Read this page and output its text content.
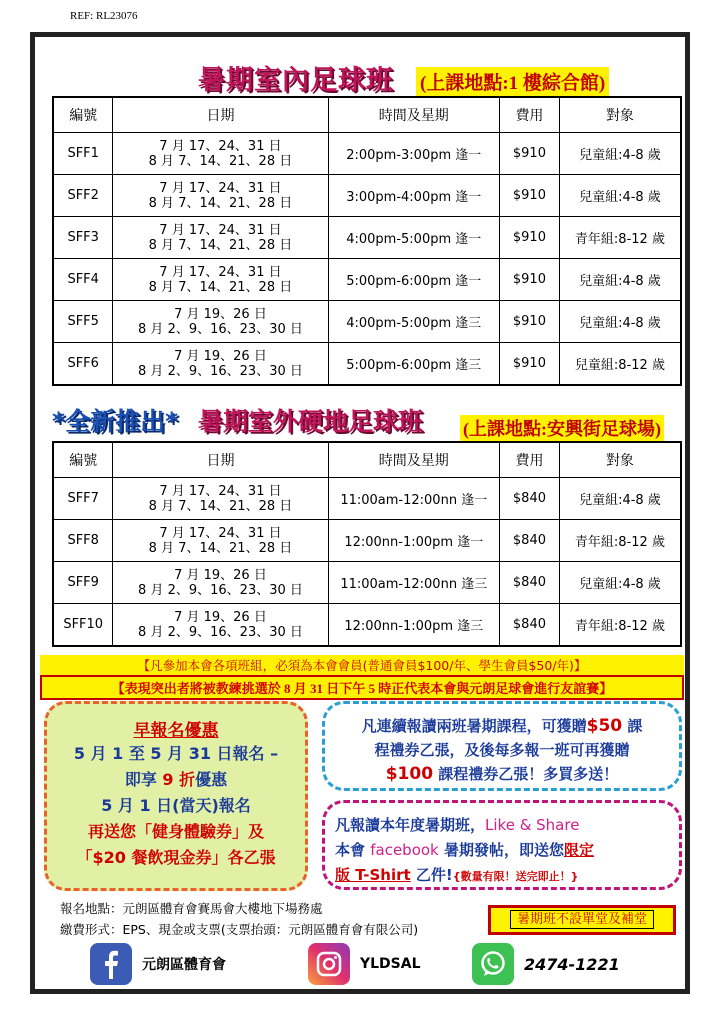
REF: RL23076
暑期室內足球班 (上課地點:1 樓綜合館)
編號	日期	時間及星期	費用	對象
SFF1	7 月 17、24、31 日
8 月 7、14、21、28 日	2:00pm-3:00pm 逢一	$910	兒童組:4-8 歲
SFF2	7 月 17、24、31 日
8 月 7、14、21、28 日	3:00pm-4:00pm 逢一	$910	兒童組:4-8 歲
SFF3	7 月 17、24、31 日
8 月 7、14、21、28 日	4:00pm-5:00pm 逢一	$910	青年組:8-12 歲
SFF4	7 月 17、24、31 日
8 月 7、14、21、28 日	5:00pm-6:00pm 逢一	$910	兒童組:4-8 歲
SFF5	7 月 19、26 日
8 月 2、9、16、23、30 日	4:00pm-5:00pm 逢三	$910	兒童組:4-8 歲
SFF6	7 月 19、26 日
8 月 2、9、16、23、30 日	5:00pm-6:00pm 逢三	$910	兒童組:8-12 歲
*全新推出* 暑期室外硬地足球班 (上課地點:安興街足球場)
編號	日期	時間及星期	費用	對象
SFF7	7 月 17、24、31 日
8 月 7、14、21、28 日	11:00am-12:00nn 逢一	$840	兒童組:4-8 歲
SFF8	7 月 17、24、31 日
8 月 7、14、21、28 日	12:00nn-1:00pm 逢一	$840	青年組:8-12 歲
SFF9	7 月 19、26 日
8 月 2、9、16、23、30 日	11:00am-12:00nn 逢三	$840	兒童組:4-8 歲
SFF10	7 月 19、26 日
8 月 2、9、16、23、30 日	12:00nn-1:00pm 逢三	$840	青年組:8-12 歲
【凡參加本會各項班組，必須為本會會員(普通會員$100/年、學生會員$50/年)】
【表現突出者將被教練挑選於 8 月 31 日下午 5 時正代表本會與元朗足球會進行友誼賽】
早報名優惠
5 月 1 至 5 月 31 日報名 –
即享 9 折優惠
5 月 1 日(當天)報名
再送您「健身體驗券」及
「$20 餐飲現金券」各乙張
凡連續報讀兩班暑期課程，可獲贈$50 課
程禮券乙張，及後每多報一班可再獲贈
$100 課程禮券乙張！多買多送！
凡報讀本年度暑期班，Like & Share
本會 facebook 暑期發帖，即送您限定
版 T-Shirt 乙件!{數量有限！送完即止！}
報名地點：元朗區體育會賽馬會大樓地下場務處
繳費形式：EPS、現金或支票(支票抬頭：元朗區體育會有限公司)
暑期班不設單堂及補堂
元朗區體育會	YLDSAL	2474-1221
